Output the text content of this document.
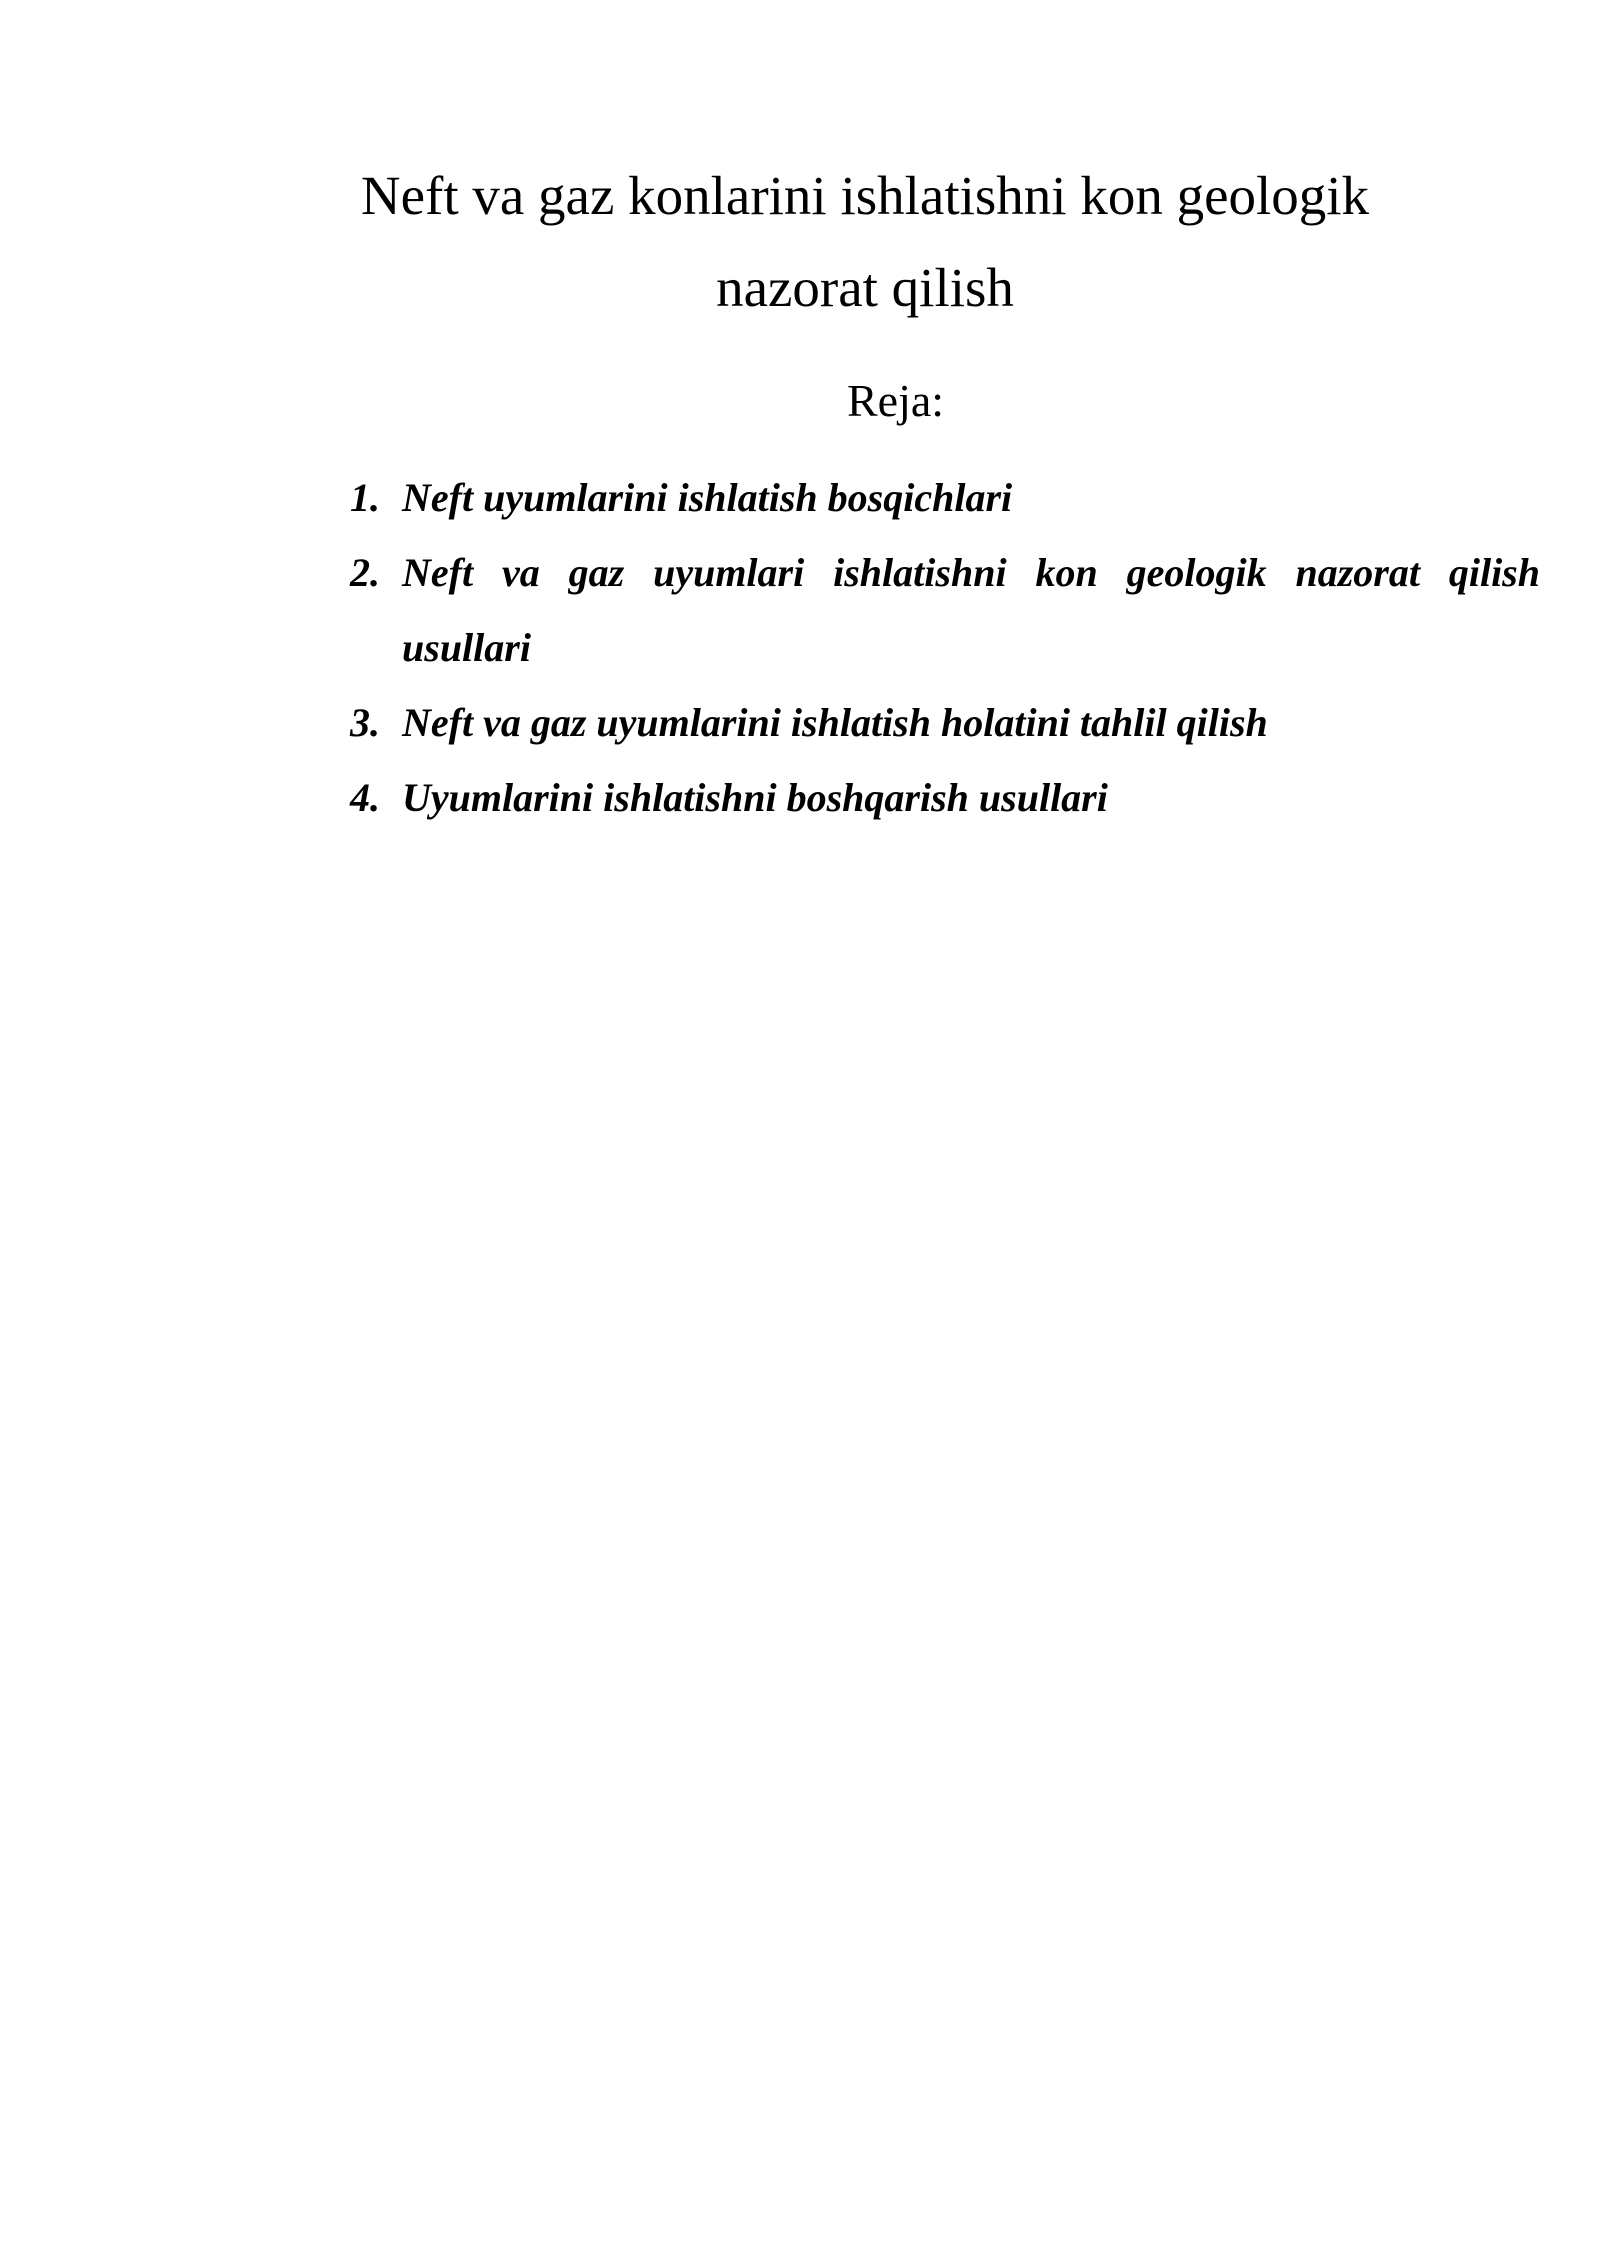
Neft va gaz konlarini ishlatishni kon geologik
nazorat qilish
Reja:
1. Neft uyumlarini ishlatish bosqichlari
2. Neft va gaz uyumlari ishlatishni kon geologik nazorat qilish
usullari
3. Neft va gaz uyumlarini ishlatish holatini tahlil qilish
4. Uyumlarini ishlatishni boshqarish usullari
